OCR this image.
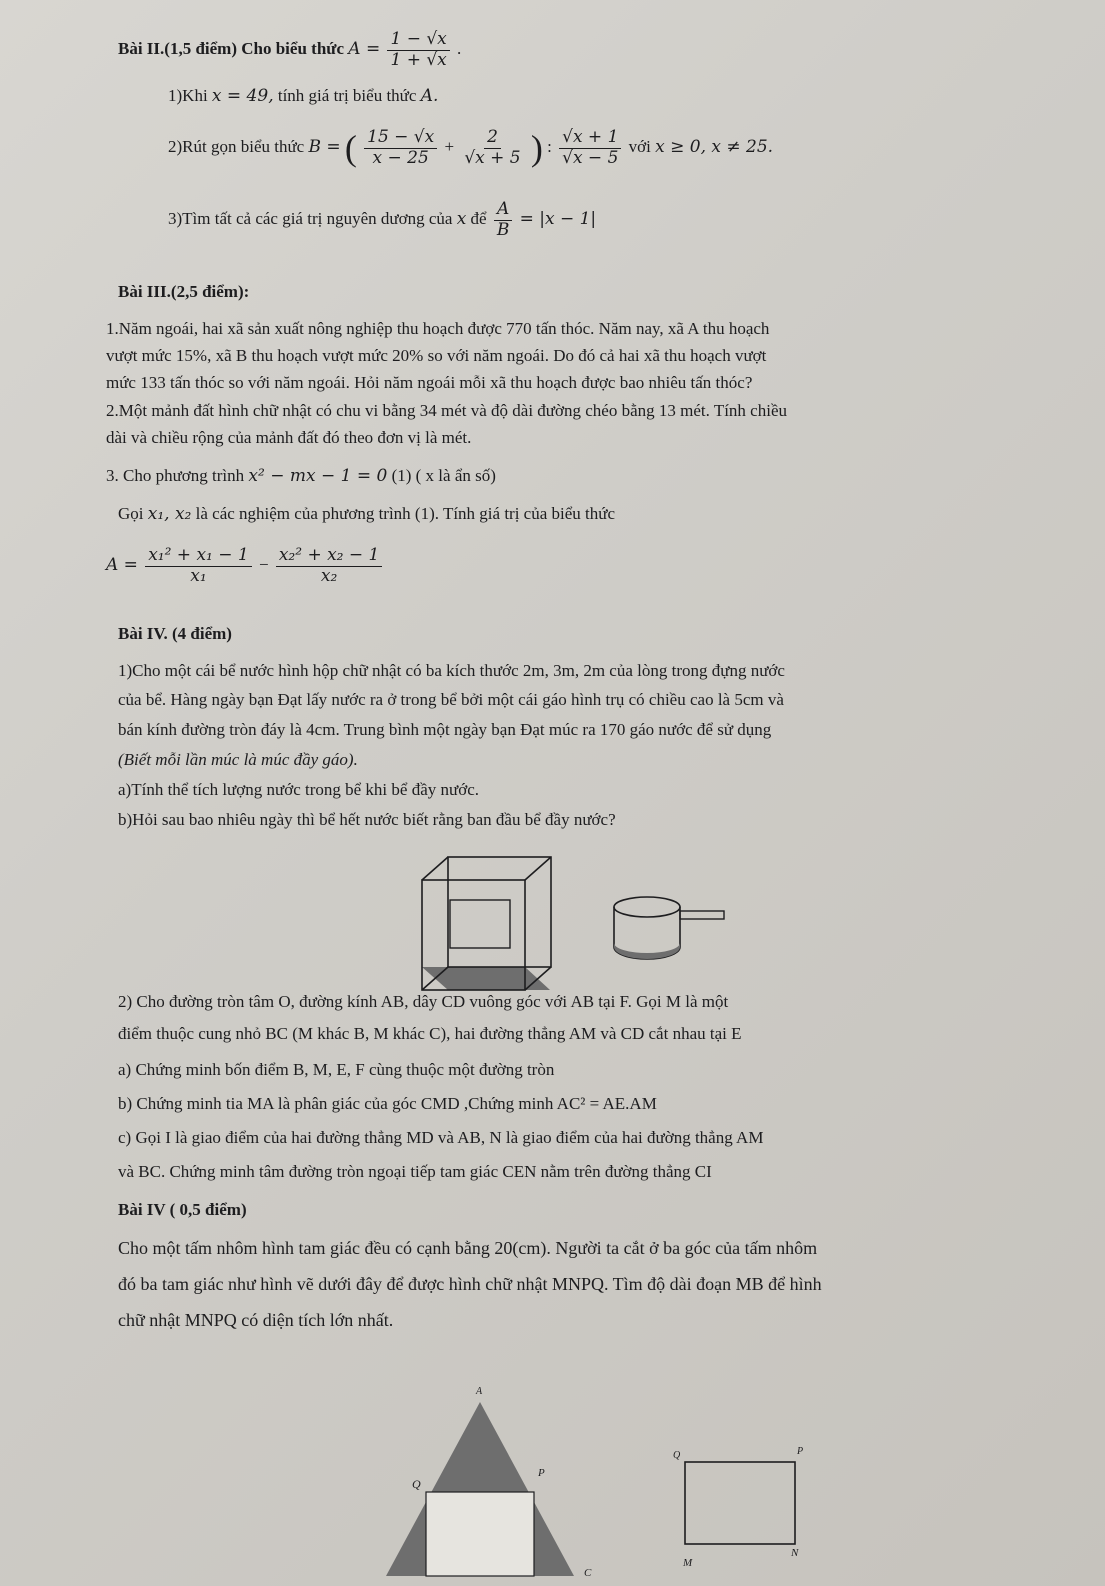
Bài II.(1,5 điểm) Cho biểu thức $A = \frac{1 - √x}{1 + √x}$ .
1)Khi x = 49, tính giá trị biểu thức A.
2)Rút gọn biểu thức B = ( $\frac{15 - √x}{x - 25} + \frac{2}{√x + 5}$ ) : $\frac{√x + 1}{√x - 5}$ với x ≥ 0, x ≠ 25.
3)Tìm tất cả các giá trị nguyên dương của x để $\frac{A}{B} = |x - 1|$
Bài III.(2,5 điểm):
1.Năm ngoái, hai xã sản xuất nông nghiệp thu hoạch được 770 tấn thóc. Năm nay, xã A thu hoạch
vượt mức 15%, xã B thu hoạch vượt mức 20% so với năm ngoái. Do đó cả hai xã thu hoạch vượt
mức 133 tấn thóc so với năm ngoái. Hỏi năm ngoái mỗi xã thu hoạch được bao nhiêu tấn thóc?
2.Một mảnh đất hình chữ nhật có chu vi bằng 34 mét và độ dài đường chéo bằng 13 mét. Tính chiều
dài và chiều rộng của mảnh đất đó theo đơn vị là mét.
3. Cho phương trình x² − mx − 1 = 0 (1) ( x là ẩn số)
Gọi x₁, x₂ là các nghiệm của phương trình (1). Tính giá trị của biểu thức
$A = \frac{\text{x₁² + x₁ − 1}}{\text{x₁}} - \frac{\text{x₂² + x₂ − 1}}{\text{x₂}}$
Bài IV. (4 điểm)
1)Cho một cái bể nước hình hộp chữ nhật có ba kích thước 2m, 3m, 2m của lòng trong đựng nước
của bể. Hàng ngày bạn Đạt lấy nước ra ở trong bể bởi một cái gáo hình trụ có chiều cao là 5cm và
bán kính đường tròn đáy là 4cm. Trung bình một ngày bạn Đạt múc ra 170 gáo nước để sử dụng
(Biết mỗi lần múc là múc đầy gáo).
a)Tính thể tích lượng nước trong bể khi bể đầy nước.
b)Hỏi sau bao nhiêu ngày thì bể hết nước biết rằng ban đầu bể đầy nước?
2) Cho đường tròn tâm O, đường kính AB, dây CD vuông góc với AB tại F. Gọi M là một
điểm thuộc cung nhỏ BC (M khác B, M khác C), hai đường thẳng AM và CD cắt nhau tại E
a) Chứng minh bốn điểm B, M, E, F cùng thuộc một đường tròn
b) Chứng minh tia MA là phân giác của góc CMD ,Chứng minh AC² = AE.AM
c) Gọi I là giao điểm của hai đường thẳng MD và AB, N là giao điểm của hai đường thẳng AM
và BC. Chứng minh tâm đường tròn ngoại tiếp tam giác CEN nằm trên đường thẳng CI
Bài IV ( 0,5 điểm)
Cho một tấm nhôm hình tam giác đều có cạnh bằng 20(cm). Người ta cắt ở ba góc của tấm nhôm
đó ba tam giác như hình vẽ dưới đây để được hình chữ nhật MNPQ. Tìm độ dài đoạn MB để hình
chữ nhật MNPQ có diện tích lớn nhất.
A
Q
P
C
Q	P
M
N
